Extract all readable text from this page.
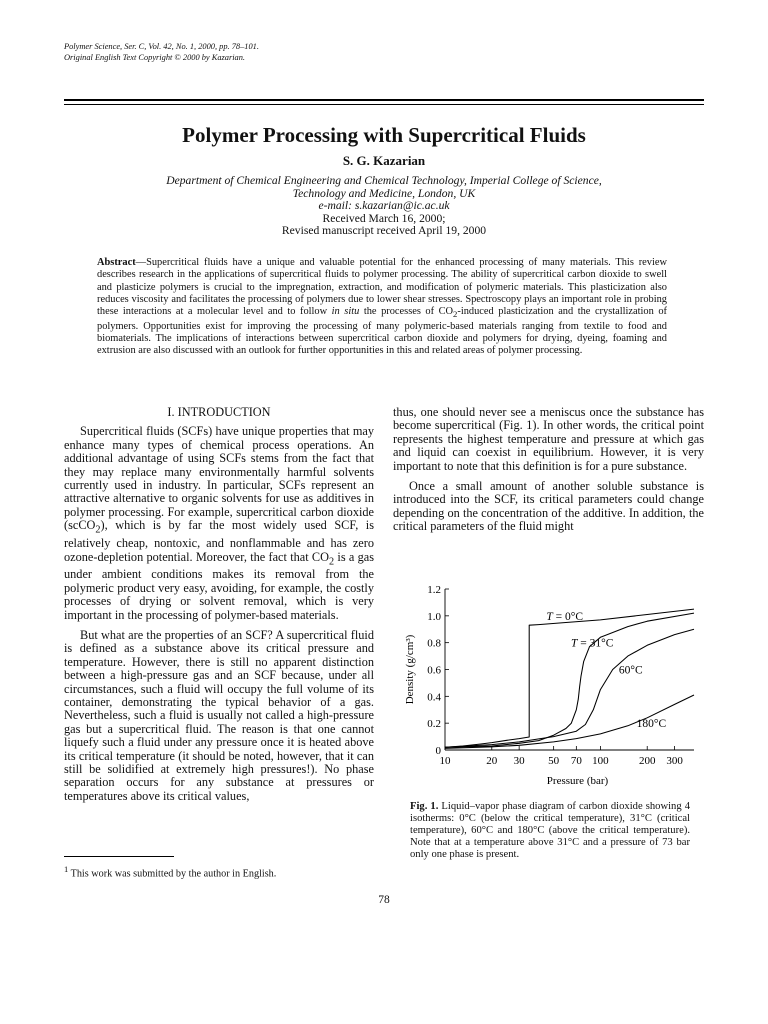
Polymer Science, Ser. C, Vol. 42, No. 1, 2000, pp. 78–101.
Original English Text Copyright © 2000 by Kazarian.
Polymer Processing with Supercritical Fluids
S. G. Kazarian
Department of Chemical Engineering and Chemical Technology, Imperial College of Science,
Technology and Medicine, London, UK
e-mail: s.kazarian@ic.ac.uk
Received March 16, 2000;
Revised manuscript received April 19, 2000
Abstract—Supercritical fluids have a unique and valuable potential for the enhanced processing of many materials. This review describes research in the applications of supercritical fluids to polymer processing. The ability of supercritical carbon dioxide to swell and plasticize polymers is crucial to the impregnation, extraction, and modification of polymeric materials. This plasticization also reduces viscosity and facilitates the processing of polymers due to lower shear stresses. Spectroscopy plays an important role in probing these interactions at a molecular level and to follow in situ the processes of $CO_2$-induced plasticization and the crystallization of polymers. Opportunities exist for improving the processing of many polymeric-based materials ranging from textile to food and biomaterials. The implications of interactions between supercritical carbon dioxide and polymers for drying, dyeing, foaming and extrusion are also discussed with an outlook for further opportunities in this and related areas of polymer processing.
I. INTRODUCTION

Supercritical fluids (SCFs) have unique properties that may enhance many types of chemical process operations. An additional advantage of using SCFs stems from the fact that they may replace many environmentally harmful solvents currently used in industry. In particular, SCFs represent an attractive alternative to organic solvents for use as additives in polymer processing. For example, supercritical carbon dioxide (scCO$_2$), which is by far the most widely used SCF, is relatively cheap, nontoxic, and nonflammable and has zero ozone-depletion potential. Moreover, the fact that $CO_2$ is a gas under ambient conditions makes its removal from the polymeric product very easy, avoiding, for example, the costly processes of drying or solvent removal, which is very important in the processing of polymer-based materials.

But what are the properties of an SCF? A supercritical fluid is defined as a substance above its critical pressure and temperature. However, there is still no apparent distinction between a high-pressure gas and an SCF because, under all circumstances, such a fluid will occupy the full volume of its container, demonstrating the typical behavior of a gas. Nevertheless, such a fluid is usually not called a high-pressure gas but a supercritical fluid. The reason is that one cannot liquefy such a fluid under any pressure once it is heated above its critical temperature (it should be noted, however, that it can still be solidified at extremely high pressures!). No phase separation occurs for any substance at pressures or temperatures above its critical values,

thus, one should never see a meniscus once the substance has become supercritical (Fig. 1). In other words, the critical point represents the highest temperature and pressure at which gas and liquid can coexist in equilibrium. However, it is very important to note that this definition is for a pure substance.

Once a small amount of another soluble substance is introduced into the SCF, its critical parameters could change depending on the concentration of the additive. In addition, the critical parameters of the fluid might

0
0.2
0.4
0.6
0.8
1.0
1.2
10	20 30 50 70 100	200 300
Pressure (bar)
Density (g/cm³)
T = 0°C
T = 31°C
60°C
180°C
Fig. 1. Liquid–vapor phase diagram of carbon dioxide showing 4 isotherms: 0°C (below the critical temperature), 31°C (critical temperature), 60°C and 180°C (above the critical temperature). Note that at a temperature above 31°C and a pressure of 73 bar only one phase is present.
$^1$ This work was submitted by the author in English.
78
